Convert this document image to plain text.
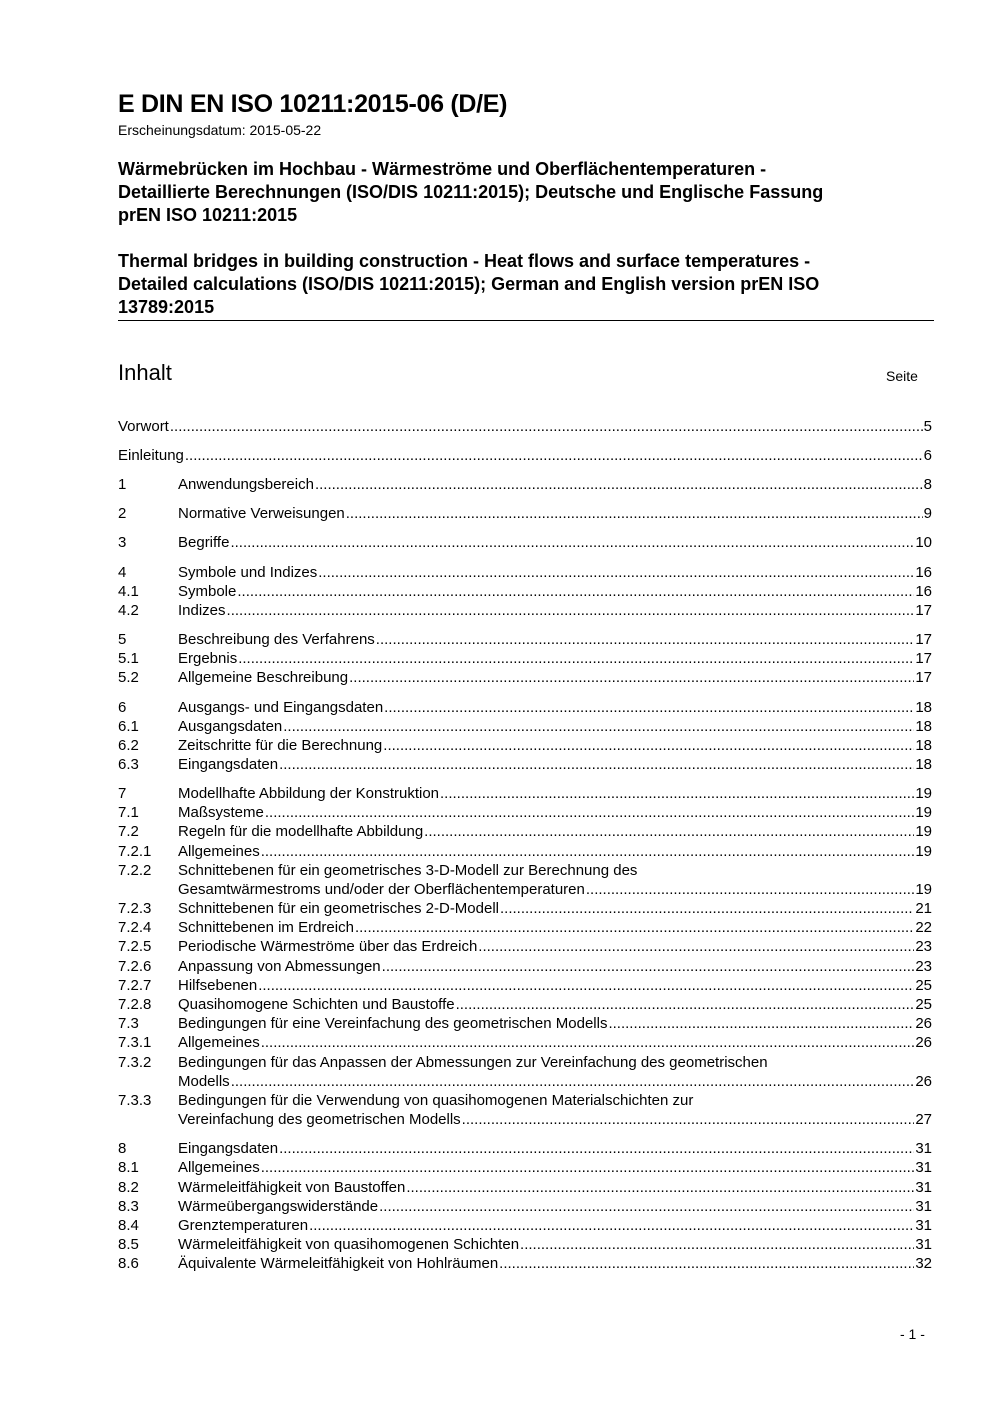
E DIN EN ISO 10211:2015-06 (D/E)
Erscheinungsdatum: 2015-05-22
Wärmebrücken im Hochbau - Wärmeströme und Oberflächentemperaturen -
Detaillierte Berechnungen (ISO/DIS 10211:2015); Deutsche und Englische Fassung
prEN ISO 10211:2015
Thermal bridges in building construction - Heat flows and surface temperatures -
Detailed calculations (ISO/DIS 10211:2015); German and English version prEN ISO
13789:2015
Inhalt	Seite
Vorwort .....	5
Einleitung .....	6
1	Anwendungsbereich .....	8
2	Normative Verweisungen .....	9
3	Begriffe .....	10
4	Symbole und Indizes .....	16
4.1	Symbole .....	16
4.2	Indizes .....	17
5	Beschreibung des Verfahrens .....	17
5.1	Ergebnis .....	17
5.2	Allgemeine Beschreibung .....	17
6	Ausgangs- und Eingangsdaten .....	18
6.1	Ausgangsdaten .....	18
6.2	Zeitschritte für die Berechnung .....	18
6.3	Eingangsdaten .....	18
7	Modellhafte Abbildung der Konstruktion .....	19
7.1	Maßsysteme .....	19
7.2	Regeln für die modellhafte Abbildung .....	19
7.2.1 Allgemeines .....	19
7.2.2 Schnittebenen für ein geometrisches 3-D-Modell zur Berechnung des
Gesamtwärmestroms und/oder der Oberflächentemperaturen .....	19
7.2.3 Schnittebenen für ein geometrisches 2-D-Modell .....	21
7.2.4 Schnittebenen im Erdreich .....	22
7.2.5 Periodische Wärmeströme über das Erdreich .....	23
7.2.6 Anpassung von Abmessungen .....	23
7.2.7 Hilfsebenen .....	25
7.2.8 Quasihomogene Schichten und Baustoffe .....	25
7.3	Bedingungen für eine Vereinfachung des geometrischen Modells .....	26
7.3.1 Allgemeines .....	26
7.3.2 Bedingungen für das Anpassen der Abmessungen zur Vereinfachung des geometrischen
Modells .....	26
7.3.3 Bedingungen für die Verwendung von quasihomogenen Materialschichten zur
Vereinfachung des geometrischen Modells .....	27
8	Eingangsdaten .....	31
8.1	Allgemeines .....	31
8.2	Wärmeleitfähigkeit von Baustoffen .....	31
8.3	Wärmeübergangswiderstände .....	31
8.4	Grenztemperaturen .....	31
8.5	Wärmeleitfähigkeit von quasihomogenen Schichten .....	31
8.6	Äquivalente Wärmeleitfähigkeit von Hohlräumen .....	32
- 1 -
